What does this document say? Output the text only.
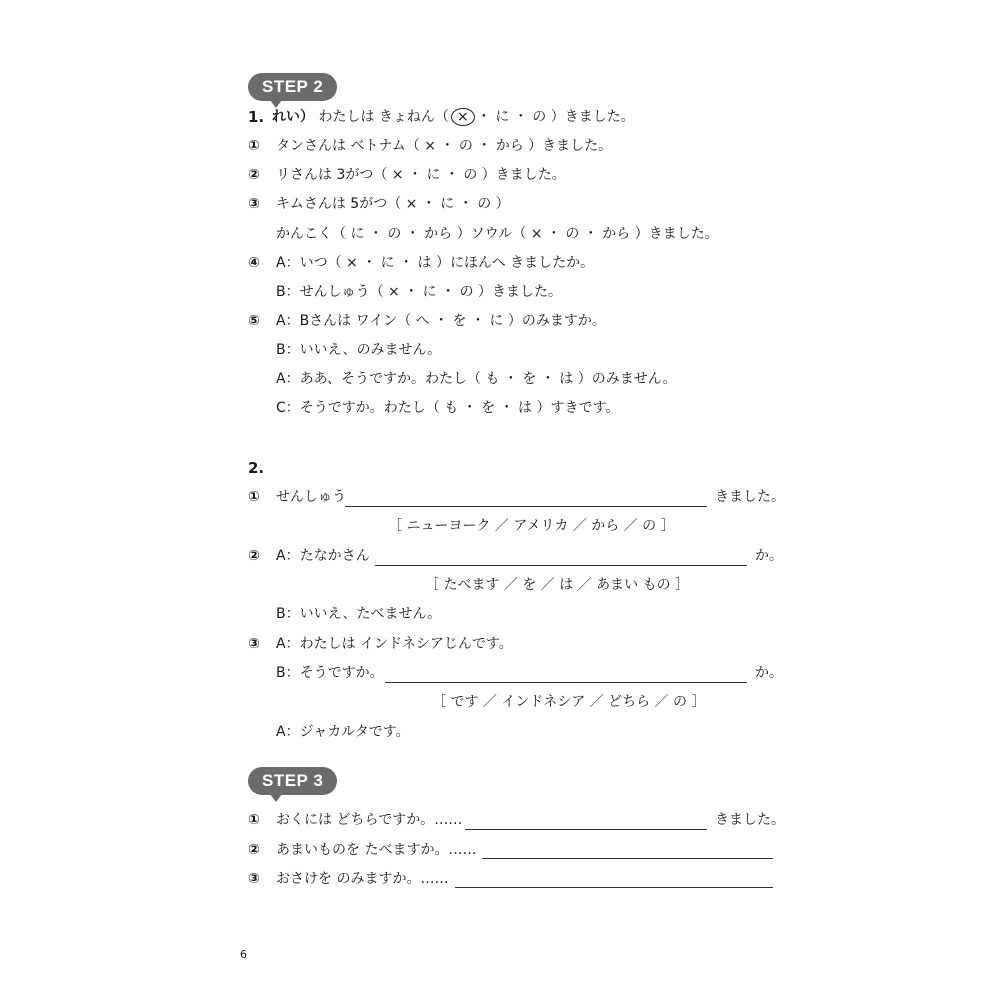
STEP 2
1. れい） わたしは きょねん（ × ・ に ・ の ）きました。
① タンさんは ベトナム（ × ・ の ・ から ）きました。
② リさんは 3がつ（ × ・ に ・ の ）きました。
③ キムさんは 5がつ（ × ・ に ・ の ）
かんこく（ に ・ の ・ から ）ソウル（ × ・ の ・ から ）きました。
④ A：いつ（ × ・ に ・ は ）にほんへ きましたか。
B：せんしゅう（ × ・ に ・ の ）きました。
⑤ A：Bさんは ワイン（ へ ・ を ・ に ）のみますか。
B：いいえ、のみません。
A：ああ、そうですか。わたし（ も ・ を ・ は ）のみません。
C：そうですか。わたし（ も ・ を ・ は ）すきです。
2.
① せんしゅう	きました。
［ ニューヨーク ／ アメリカ ／ から ／ の ］
② A：たなかさん	か。
［ たべます ／ を ／ は ／ あまい もの ］
B：いいえ、たべません。
③ A：わたしは インドネシアじんです。
B：そうですか。	か。
［ です ／ インドネシア ／ どちら ／ の ］
A：ジャカルタです。
STEP 3
① おくには どちらですか。……	きました。
② あまいものを たべますか。……
③ おさけを のみますか。……
6
